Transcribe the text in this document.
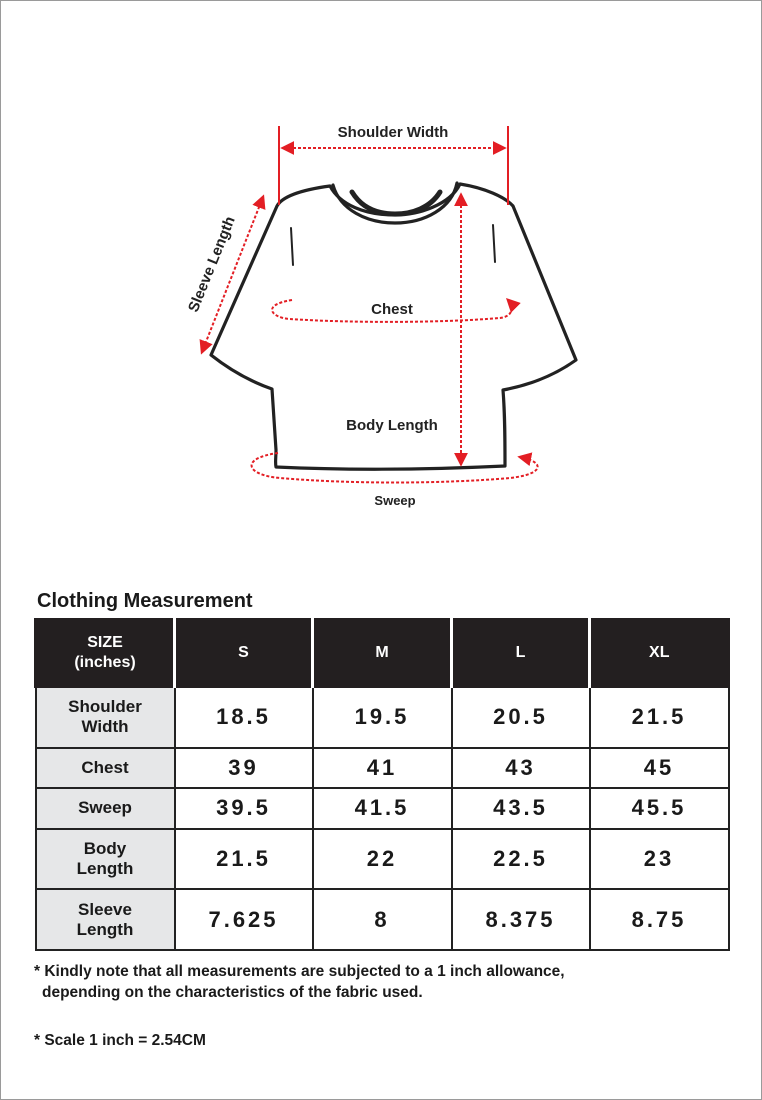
Shoulder Width
Sleeve Length	Chest
Body Length
Sweep
Clothing Measurement
SIZE
(inches)	S	M	L	XL
Shoulder
Width	18.5	19.5	20.5	21.5
Chest	39	41	43	45
Sweep	39.5	41.5	43.5	45.5
Body
Length	21.5	22	22.5	23
Sleeve
Length	7.625	8	8.375	8.75
* Kindly note that all measurements are subjected to a 1 inch allowance,
depending on the characteristics of the fabric used.
* Scale 1 inch = 2.54CM
